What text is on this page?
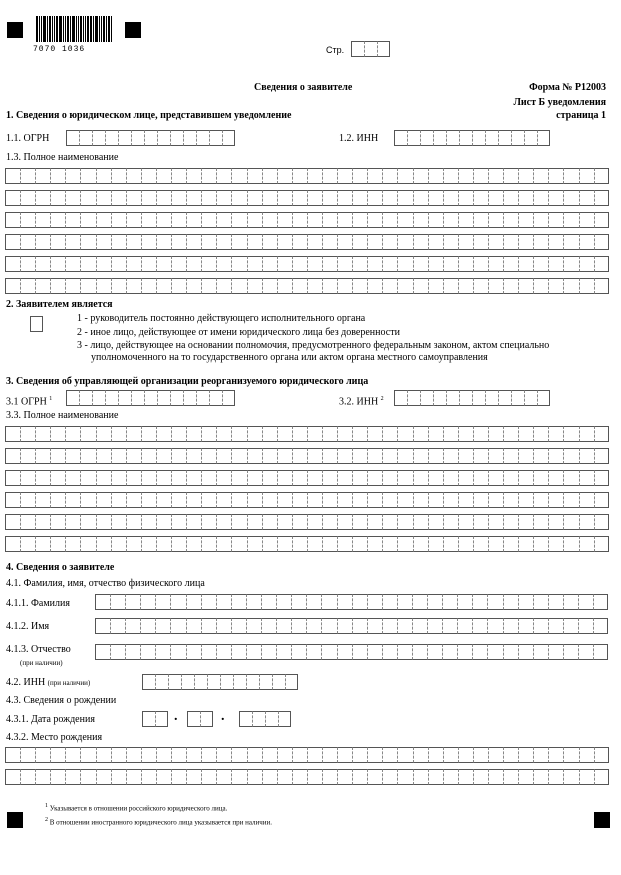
7070 1036	Стр.
Сведения о заявителе	Форма № Р12003
Лист Б уведомления
страница 1
1. Сведения о юридическом лице, представившем уведомление
1.1. ОГРН	1.2. ИНН
1.3. Полное наименование
2. Заявителем является
1 - руководитель постоянно действующего исполнительного органа
2 - иное лицо, действующее от имени юридического лица без доверенности
3 - лицо, действующее на основании полномочия, предусмотренного федеральным законом, актом специально
уполномоченного на то государственного органа или актом органа местного самоуправления
3. Сведения об управляющей организации реорганизуемого юридического лица
3.1 ОГРН $^1$	3.2. ИНН $^2$
3.3. Полное наименование
4. Сведения о заявителе
4.1. Фамилия, имя, отчество физического лица
4.1.1. Фамилия
4.1.2. Имя
4.1.3. Отчество
(при наличии)
4.2. ИНН (при наличии)
4.3. Сведения о рождении
4.3.1. Дата рождения	.	.
4.3.2. Место рождения
1 Указывается в отношении российского юридического лица.
2 В отношении иностранного юридического лица указывается при наличии.
